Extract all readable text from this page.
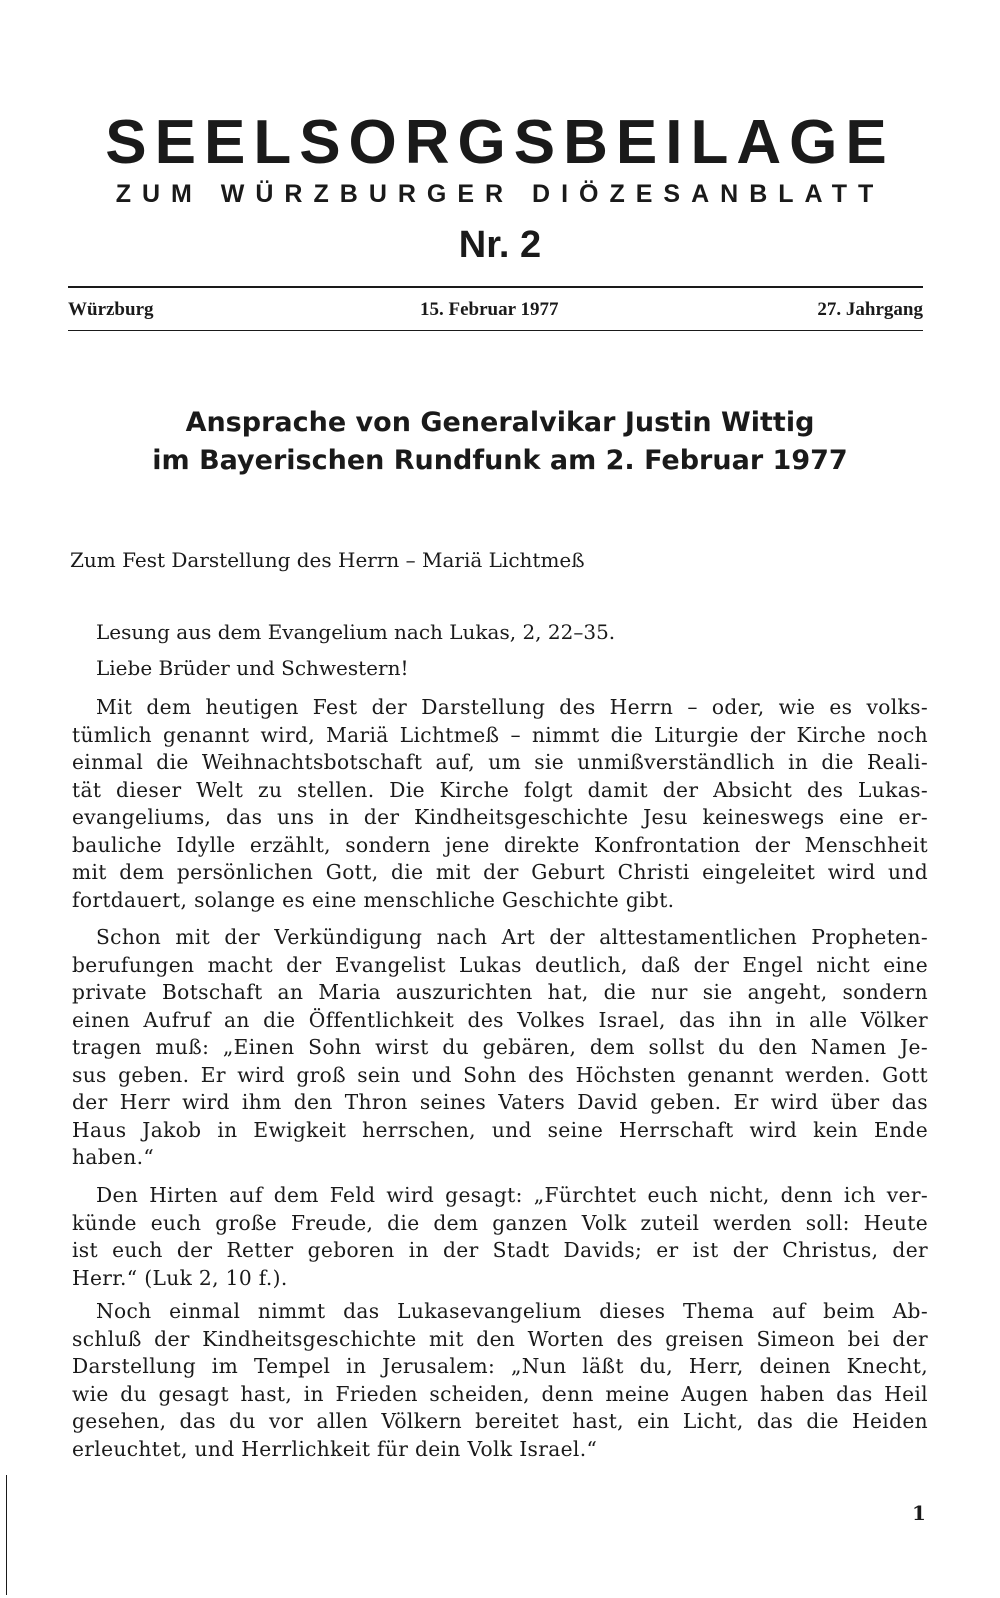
SEELSORGSBEILAGE
ZUM WÜRZBURGER DIÖZESANBLATT
Nr. 2
Würzburg	15. Februar 1977	27. Jahrgang
Ansprache von Generalvikar Justin Wittig
im Bayerischen Rundfunk am 2. Februar 1977
Zum Fest Darstellung des Herrn – Mariä Lichtmeß
Lesung aus dem Evangelium nach Lukas, 2, 22–35.
Liebe Brüder und Schwestern!
Mit dem heutigen Fest der Darstellung des Herrn – oder, wie es volks-
tümlich genannt wird, Mariä Lichtmeß – nimmt die Liturgie der Kirche noch
einmal die Weihnachtsbotschaft auf, um sie unmißverständlich in die Reali-
tät dieser Welt zu stellen. Die Kirche folgt damit der Absicht des Lukas-
evangeliums, das uns in der Kindheitsgeschichte Jesu keineswegs eine er-
bauliche Idylle erzählt, sondern jene direkte Konfrontation der Menschheit
mit dem persönlichen Gott, die mit der Geburt Christi eingeleitet wird und
fortdauert, solange es eine menschliche Geschichte gibt.
Schon mit der Verkündigung nach Art der alttestamentlichen Propheten-
berufungen macht der Evangelist Lukas deutlich, daß der Engel nicht eine
private Botschaft an Maria auszurichten hat, die nur sie angeht, sondern
einen Aufruf an die Öffentlichkeit des Volkes Israel, das ihn in alle Völker
tragen muß: „Einen Sohn wirst du gebären, dem sollst du den Namen Je-
sus geben. Er wird groß sein und Sohn des Höchsten genannt werden. Gott
der Herr wird ihm den Thron seines Vaters David geben. Er wird über das
Haus Jakob in Ewigkeit herrschen, und seine Herrschaft wird kein Ende
haben.“
Den Hirten auf dem Feld wird gesagt: „Fürchtet euch nicht, denn ich ver-
künde euch große Freude, die dem ganzen Volk zuteil werden soll: Heute
ist euch der Retter geboren in der Stadt Davids; er ist der Christus, der
Herr.“ (Luk 2, 10 f.).
Noch einmal nimmt das Lukasevangelium dieses Thema auf beim Ab-
schluß der Kindheitsgeschichte mit den Worten des greisen Simeon bei der
Darstellung im Tempel in Jerusalem: „Nun läßt du, Herr, deinen Knecht,
wie du gesagt hast, in Frieden scheiden, denn meine Augen haben das Heil
gesehen, das du vor allen Völkern bereitet hast, ein Licht, das die Heiden
erleuchtet, und Herrlichkeit für dein Volk Israel.“
1
